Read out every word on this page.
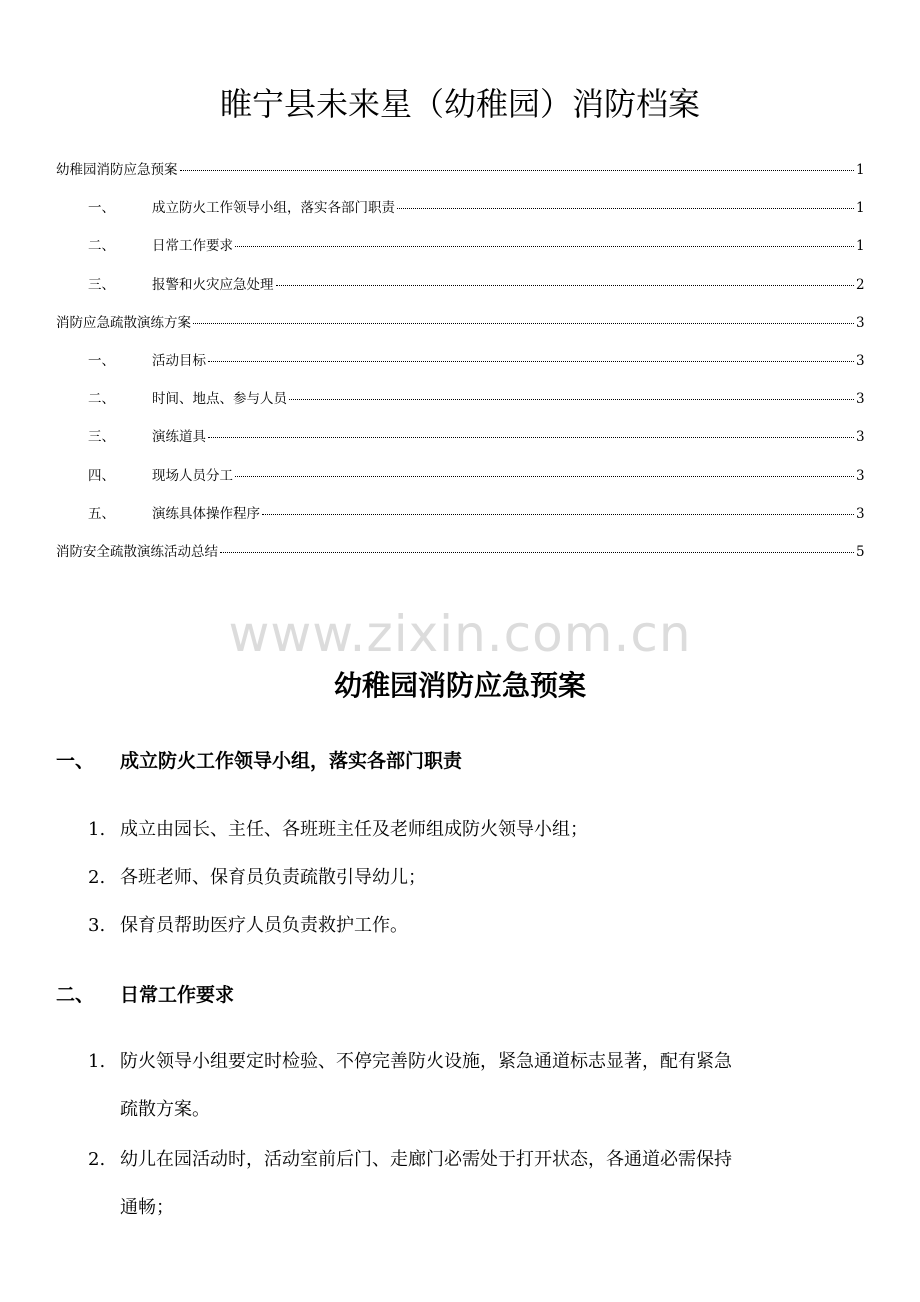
睢宁县未来星（幼稚园）消防档案
幼稚园消防应急预案	1
一、	成立防火工作领导小组，落实各部门职责	1
二、	日常工作要求	1
三、	报警和火灾应急处理	2
消防应急疏散演练方案	3
一、	活动目标	3
二、	时间、地点、参与人员	3
三、	演练道具	3
四、	现场人员分工	3
五、	演练具体操作程序	3
消防安全疏散演练活动总结	5
www.zixin.com.cn
幼稚园消防应急预案
一、 成立防火工作领导小组，落实各部门职责

1. 成立由园长、主任、各班班主任及老师组成防火领导小组；

2. 各班老师、保育员负责疏散引导幼儿；

3. 保育员帮助医疗人员负责救护工作。

二、 日常工作要求

1. 防火领导小组要定时检验、不停完善防火设施，紧急通道标志显著，配有紧急
疏散方案。

2. 幼儿在园活动时，活动室前后门、走廊门必需处于打开状态，各通道必需保持
通畅；
